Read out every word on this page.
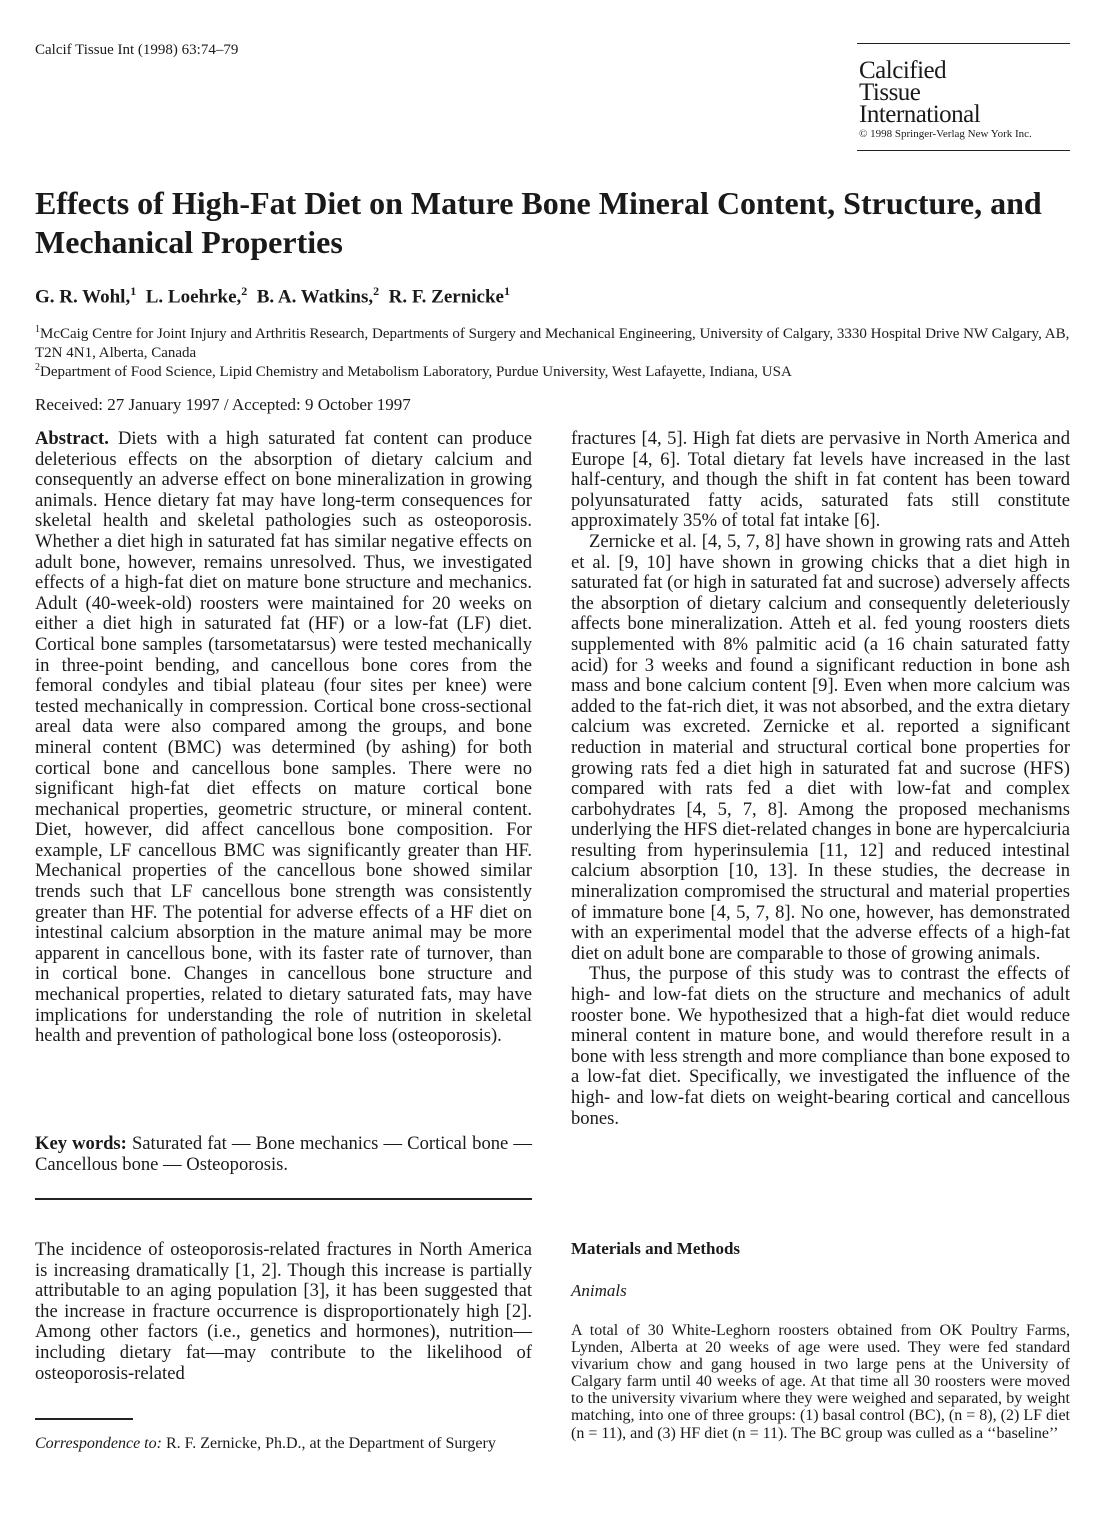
Calcif Tissue Int (1998) 63:74–79
Calcified
Tissue
International
© 1998 Springer-Verlag New York Inc.
Effects of High-Fat Diet on Mature Bone Mineral Content, Structure, and Mechanical Properties
G. R. Wohl,$^1$ L. Loehrke,$^2$ B. A. Watkins,$^2$ R. F. Zernicke$^1$
$^1$McCaig Centre for Joint Injury and Arthritis Research, Departments of Surgery and Mechanical Engineering, University of Calgary, 3330 Hospital Drive NW Calgary, AB, T2N 4N1, Alberta, Canada
$^2$Department of Food Science, Lipid Chemistry and Metabolism Laboratory, Purdue University, West Lafayette, Indiana, USA
Received: 27 January 1997 / Accepted: 9 October 1997

Abstract. Diets with a high saturated fat content can produce deleterious effects on the absorption of dietary calcium and consequently an adverse effect on bone mineralization in growing animals. Hence dietary fat may have long-term consequences for skeletal health and skeletal pathologies such as osteoporosis. Whether a diet high in saturated fat has similar negative effects on adult bone, however, remains unresolved. Thus, we investigated effects of a high-fat diet on mature bone structure and mechanics. Adult (40-week-old) roosters were maintained for 20 weeks on either a diet high in saturated fat (HF) or a low-fat (LF) diet. Cortical bone samples (tarsometatarsus) were tested mechanically in three-point bending, and cancellous bone cores from the femoral condyles and tibial plateau (four sites per knee) were tested mechanically in compression. Cortical bone cross-sectional areal data were also compared among the groups, and bone mineral content (BMC) was determined (by ashing) for both cortical bone and cancellous bone samples. There were no significant high-fat diet effects on mature cortical bone mechanical properties, geometric structure, or mineral content. Diet, however, did affect cancellous bone composition. For example, LF cancellous BMC was significantly greater than HF. Mechanical properties of the cancellous bone showed similar trends such that LF cancellous bone strength was consistently greater than HF. The potential for adverse effects of a HF diet on intestinal calcium absorption in the mature animal may be more apparent in cancellous bone, with its faster rate of turnover, than in cortical bone. Changes in cancellous bone structure and mechanical properties, related to dietary saturated fats, may have implications for understanding the role of nutrition in skeletal health and prevention of pathological bone loss (osteoporosis).

Key words: Saturated fat — Bone mechanics — Cortical bone — Cancellous bone — Osteoporosis.

The incidence of osteoporosis-related fractures in North America is increasing dramatically [1, 2]. Though this increase is partially attributable to an aging population [3], it has been suggested that the increase in fracture occurrence is disproportionately high [2]. Among other factors (i.e., genetics and hormones), nutrition—including dietary fat—may contribute to the likelihood of osteoporosis-related

Correspondence to: R. F. Zernicke, Ph.D., at the Department of Surgery

fractures [4, 5]. High fat diets are pervasive in North America and Europe [4, 6]. Total dietary fat levels have increased in the last half-century, and though the shift in fat content has been toward polyunsaturated fatty acids, saturated fats still constitute approximately 35% of total fat intake [6].

Zernicke et al. [4, 5, 7, 8] have shown in growing rats and Atteh et al. [9, 10] have shown in growing chicks that a diet high in saturated fat (or high in saturated fat and sucrose) adversely affects the absorption of dietary calcium and consequently deleteriously affects bone mineralization. Atteh et al. fed young roosters diets supplemented with 8% palmitic acid (a 16 chain saturated fatty acid) for 3 weeks and found a significant reduction in bone ash mass and bone calcium content [9]. Even when more calcium was added to the fat-rich diet, it was not absorbed, and the extra dietary calcium was excreted. Zernicke et al. reported a significant reduction in material and structural cortical bone properties for growing rats fed a diet high in saturated fat and sucrose (HFS) compared with rats fed a diet with low-fat and complex carbohydrates [4, 5, 7, 8]. Among the proposed mechanisms underlying the HFS diet-related changes in bone are hypercalciuria resulting from hyperinsulemia [11, 12] and reduced intestinal calcium absorption [10, 13]. In these studies, the decrease in mineralization compromised the structural and material properties of immature bone [4, 5, 7, 8]. No one, however, has demonstrated with an experimental model that the adverse effects of a high-fat diet on adult bone are comparable to those of growing animals.

Thus, the purpose of this study was to contrast the effects of high- and low-fat diets on the structure and mechanics of adult rooster bone. We hypothesized that a high-fat diet would reduce mineral content in mature bone, and would therefore result in a bone with less strength and more compliance than bone exposed to a low-fat diet. Specifically, we investigated the influence of the high- and low-fat diets on weight-bearing cortical and cancellous bones.

Materials and Methods
Animals
A total of 30 White-Leghorn roosters obtained from OK Poultry Farms, Lynden, Alberta at 20 weeks of age were used. They were fed standard vivarium chow and gang housed in two large pens at the University of Calgary farm until 40 weeks of age. At that time all 30 roosters were moved to the university vivarium where they were weighed and separated, by weight matching, into one of three groups: (1) basal control (BC), (n = 8), (2) LF diet (n = 11), and (3) HF diet (n = 11). The BC group was culled as a ‘‘baseline’’
